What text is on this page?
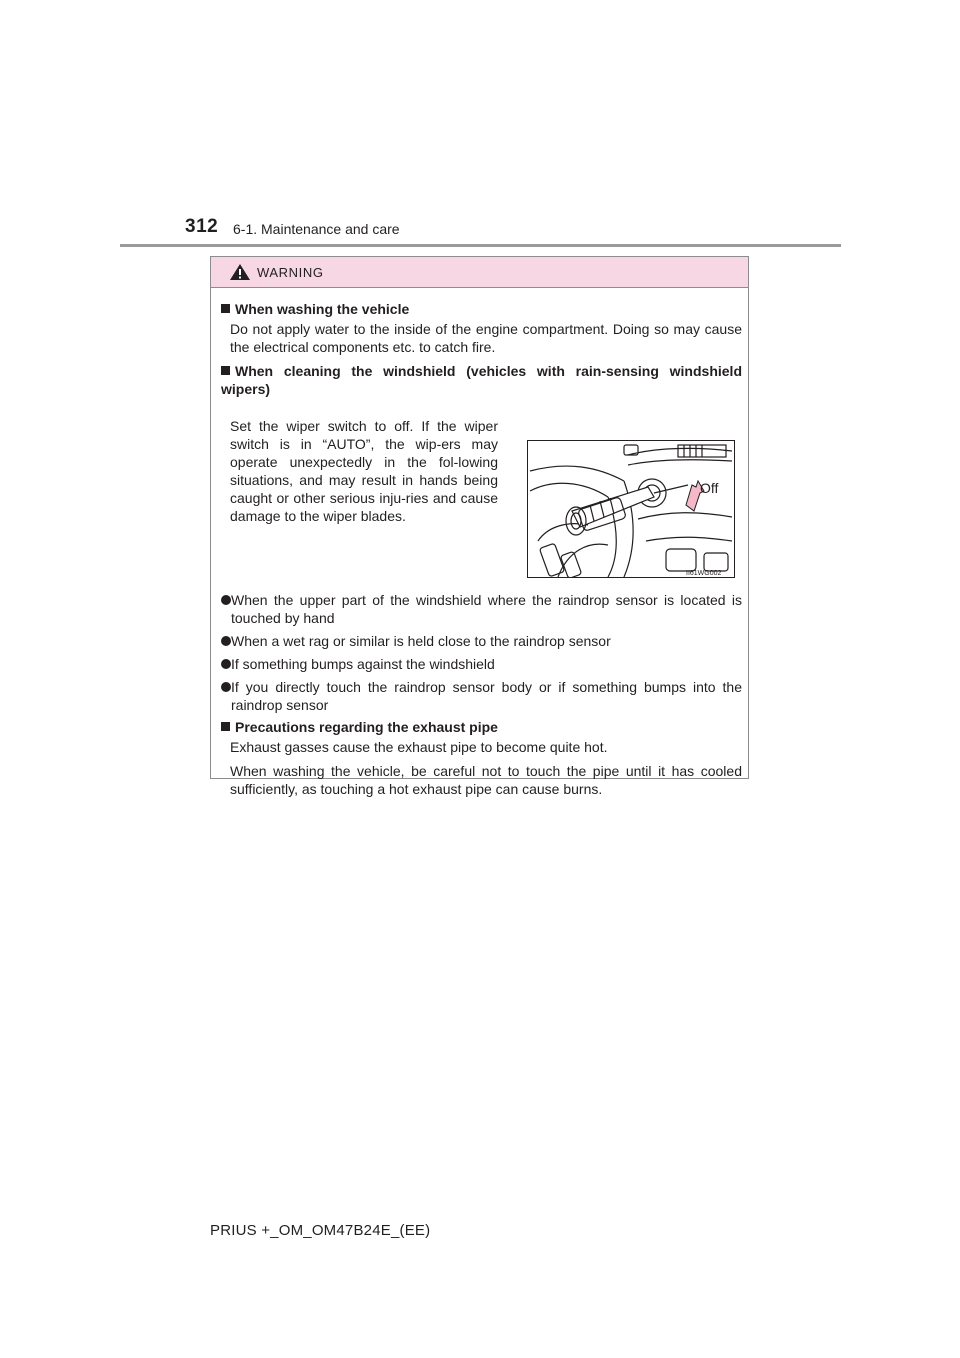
312 6-1. Maintenance and care
WARNING
When washing the vehicle
Do not apply water to the inside of the engine compartment. Doing so may cause the electrical components etc. to catch fire.
When cleaning the windshield (vehicles with rain-sensing windshield wipers)
Set the wiper switch to off. If the wiper switch is in “AUTO”, the wip-ers may operate unexpectedly in the fol-lowing situations, and may result in hands being caught or other serious inju-ries and cause damage to the wiper blades.
Off
II61WG002
When the upper part of the windshield where the raindrop sensor is located is touched by hand
When a wet rag or similar is held close to the raindrop sensor
If something bumps against the windshield
If you directly touch the raindrop sensor body or if something bumps into the raindrop sensor
Precautions regarding the exhaust pipe
Exhaust gasses cause the exhaust pipe to become quite hot.
When washing the vehicle, be careful not to touch the pipe until it has cooled sufficiently, as touching a hot exhaust pipe can cause burns.
PRIUS +_OM_OM47B24E_(EE)
